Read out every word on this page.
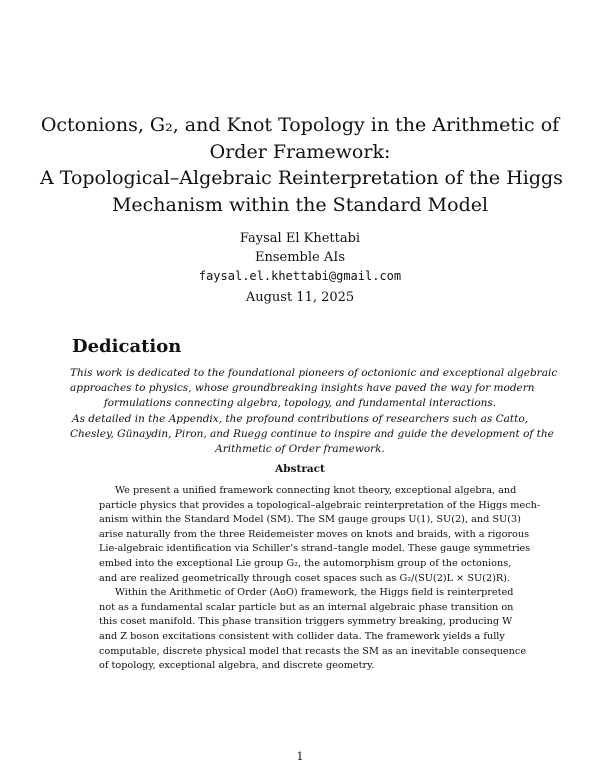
Octonions, G₂, and Knot Topology in the Arithmetic of
Order Framework:
A Topological–Algebraic Reinterpretation of the Higgs
Mechanism within the Standard Model
Faysal El Khettabi
Ensemble AIs
faysal.el.khettabi@gmail.com
August 11, 2025
Dedication
This work is dedicated to the foundational pioneers of octonionic and exceptional algebraic
approaches to physics, whose groundbreaking insights have paved the way for modern
formulations connecting algebra, topology, and fundamental interactions.
As detailed in the Appendix, the profound contributions of researchers such as Catto,
Chesley, Günaydin, Piron, and Ruegg continue to inspire and guide the development of the
Arithmetic of Order framework.
Abstract
We present a unified framework connecting knot theory, exceptional algebra, and
particle physics that provides a topological–algebraic reinterpretation of the Higgs mech-
anism within the Standard Model (SM). The SM gauge groups U(1), SU(2), and SU(3)
arise naturally from the three Reidemeister moves on knots and braids, with a rigorous
Lie-algebraic identification via Schiller’s strand–tangle model. These gauge symmetries
embed into the exceptional Lie group G₂, the automorphism group of the octonions,
and are realized geometrically through coset spaces such as G₂/(SU(2)L × SU(2)R).
Within the Arithmetic of Order (AoO) framework, the Higgs field is reinterpreted
not as a fundamental scalar particle but as an internal algebraic phase transition on
this coset manifold. This phase transition triggers symmetry breaking, producing W
and Z boson excitations consistent with collider data. The framework yields a fully
computable, discrete physical model that recasts the SM as an inevitable consequence
of topology, exceptional algebra, and discrete geometry.
1
